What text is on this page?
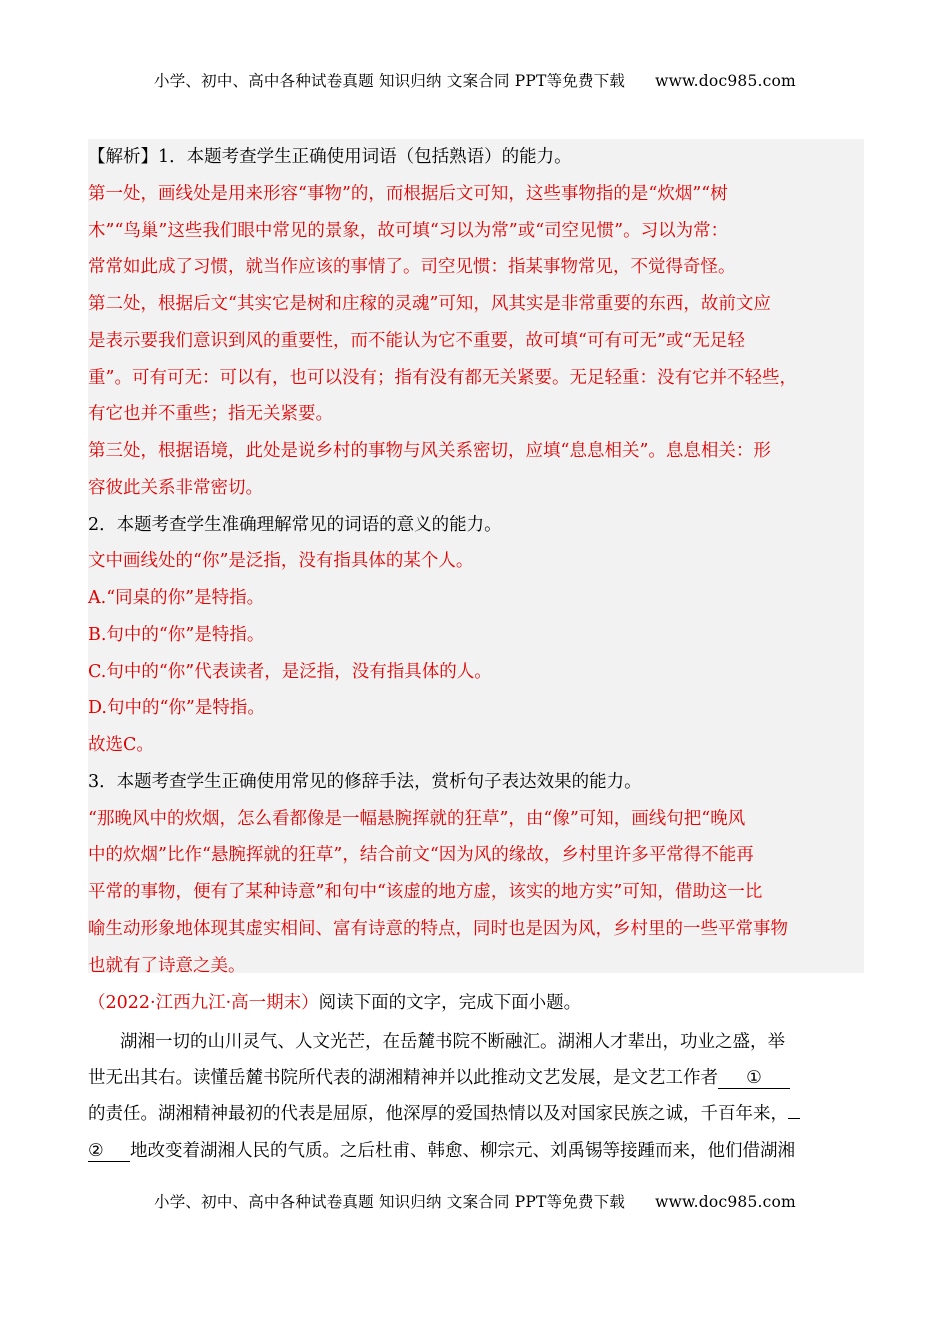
小学、初中、高中各种试卷真题 知识归纳 文案合同 PPT等免费下载 www.doc985.com
【解析】1．本题考查学生正确使用词语（包括熟语）的能力。
第一处，画线处是用来形容“事物”的，而根据后文可知，这些事物指的是“炊烟”“树
木”“鸟巢”这些我们眼中常见的景象，故可填“习以为常”或“司空见惯”。习以为常：
常常如此成了习惯，就当作应该的事情了。司空见惯：指某事物常见，不觉得奇怪。
第二处，根据后文“其实它是树和庄稼的灵魂”可知，风其实是非常重要的东西，故前文应
是表示要我们意识到风的重要性，而不能认为它不重要，故可填“可有可无”或“无足轻
重”。可有可无：可以有，也可以没有；指有没有都无关紧要。无足轻重：没有它并不轻些，
有它也并不重些；指无关紧要。
第三处，根据语境，此处是说乡村的事物与风关系密切，应填“息息相关”。息息相关：形
容彼此关系非常密切。
2．本题考查学生准确理解常见的词语的意义的能力。
文中画线处的“你”是泛指，没有指具体的某个人。
A.“同桌的你”是特指。
B.句中的“你”是特指。
C.句中的“你”代表读者，是泛指，没有指具体的人。
D.句中的“你”是特指。
故选C。
3．本题考查学生正确使用常见的修辞手法，赏析句子表达效果的能力。
“那晚风中的炊烟，怎么看都像是一幅悬腕挥就的狂草”，由“像”可知，画线句把“晚风
中的炊烟”比作“悬腕挥就的狂草”，结合前文“因为风的缘故，乡村里许多平常得不能再
平常的事物，便有了某种诗意”和句中“该虚的地方虚，该实的地方实”可知，借助这一比
喻生动形象地体现其虚实相间、富有诗意的特点，同时也是因为风，乡村里的一些平常事物
也就有了诗意之美。
（2022·江西九江·高一期末）阅读下面的文字，完成下面小题。
湖湘一切的山川灵气、人文光芒，在岳麓书院不断融汇。湖湘人才辈出，功业之盛，举
世无出其右。读懂岳麓书院所代表的湖湘精神并以此推动文艺发展，是文艺工作者 ①
的责任。湖湘精神最初的代表是屈原，他深厚的爱国热情以及对国家民族之诚，千百年来，
② 地改变着湖湘人民的气质。之后杜甫、韩愈、柳宗元、刘禹锡等接踵而来，他们借湖湘
小学、初中、高中各种试卷真题 知识归纳 文案合同 PPT等免费下载 www.doc985.com
